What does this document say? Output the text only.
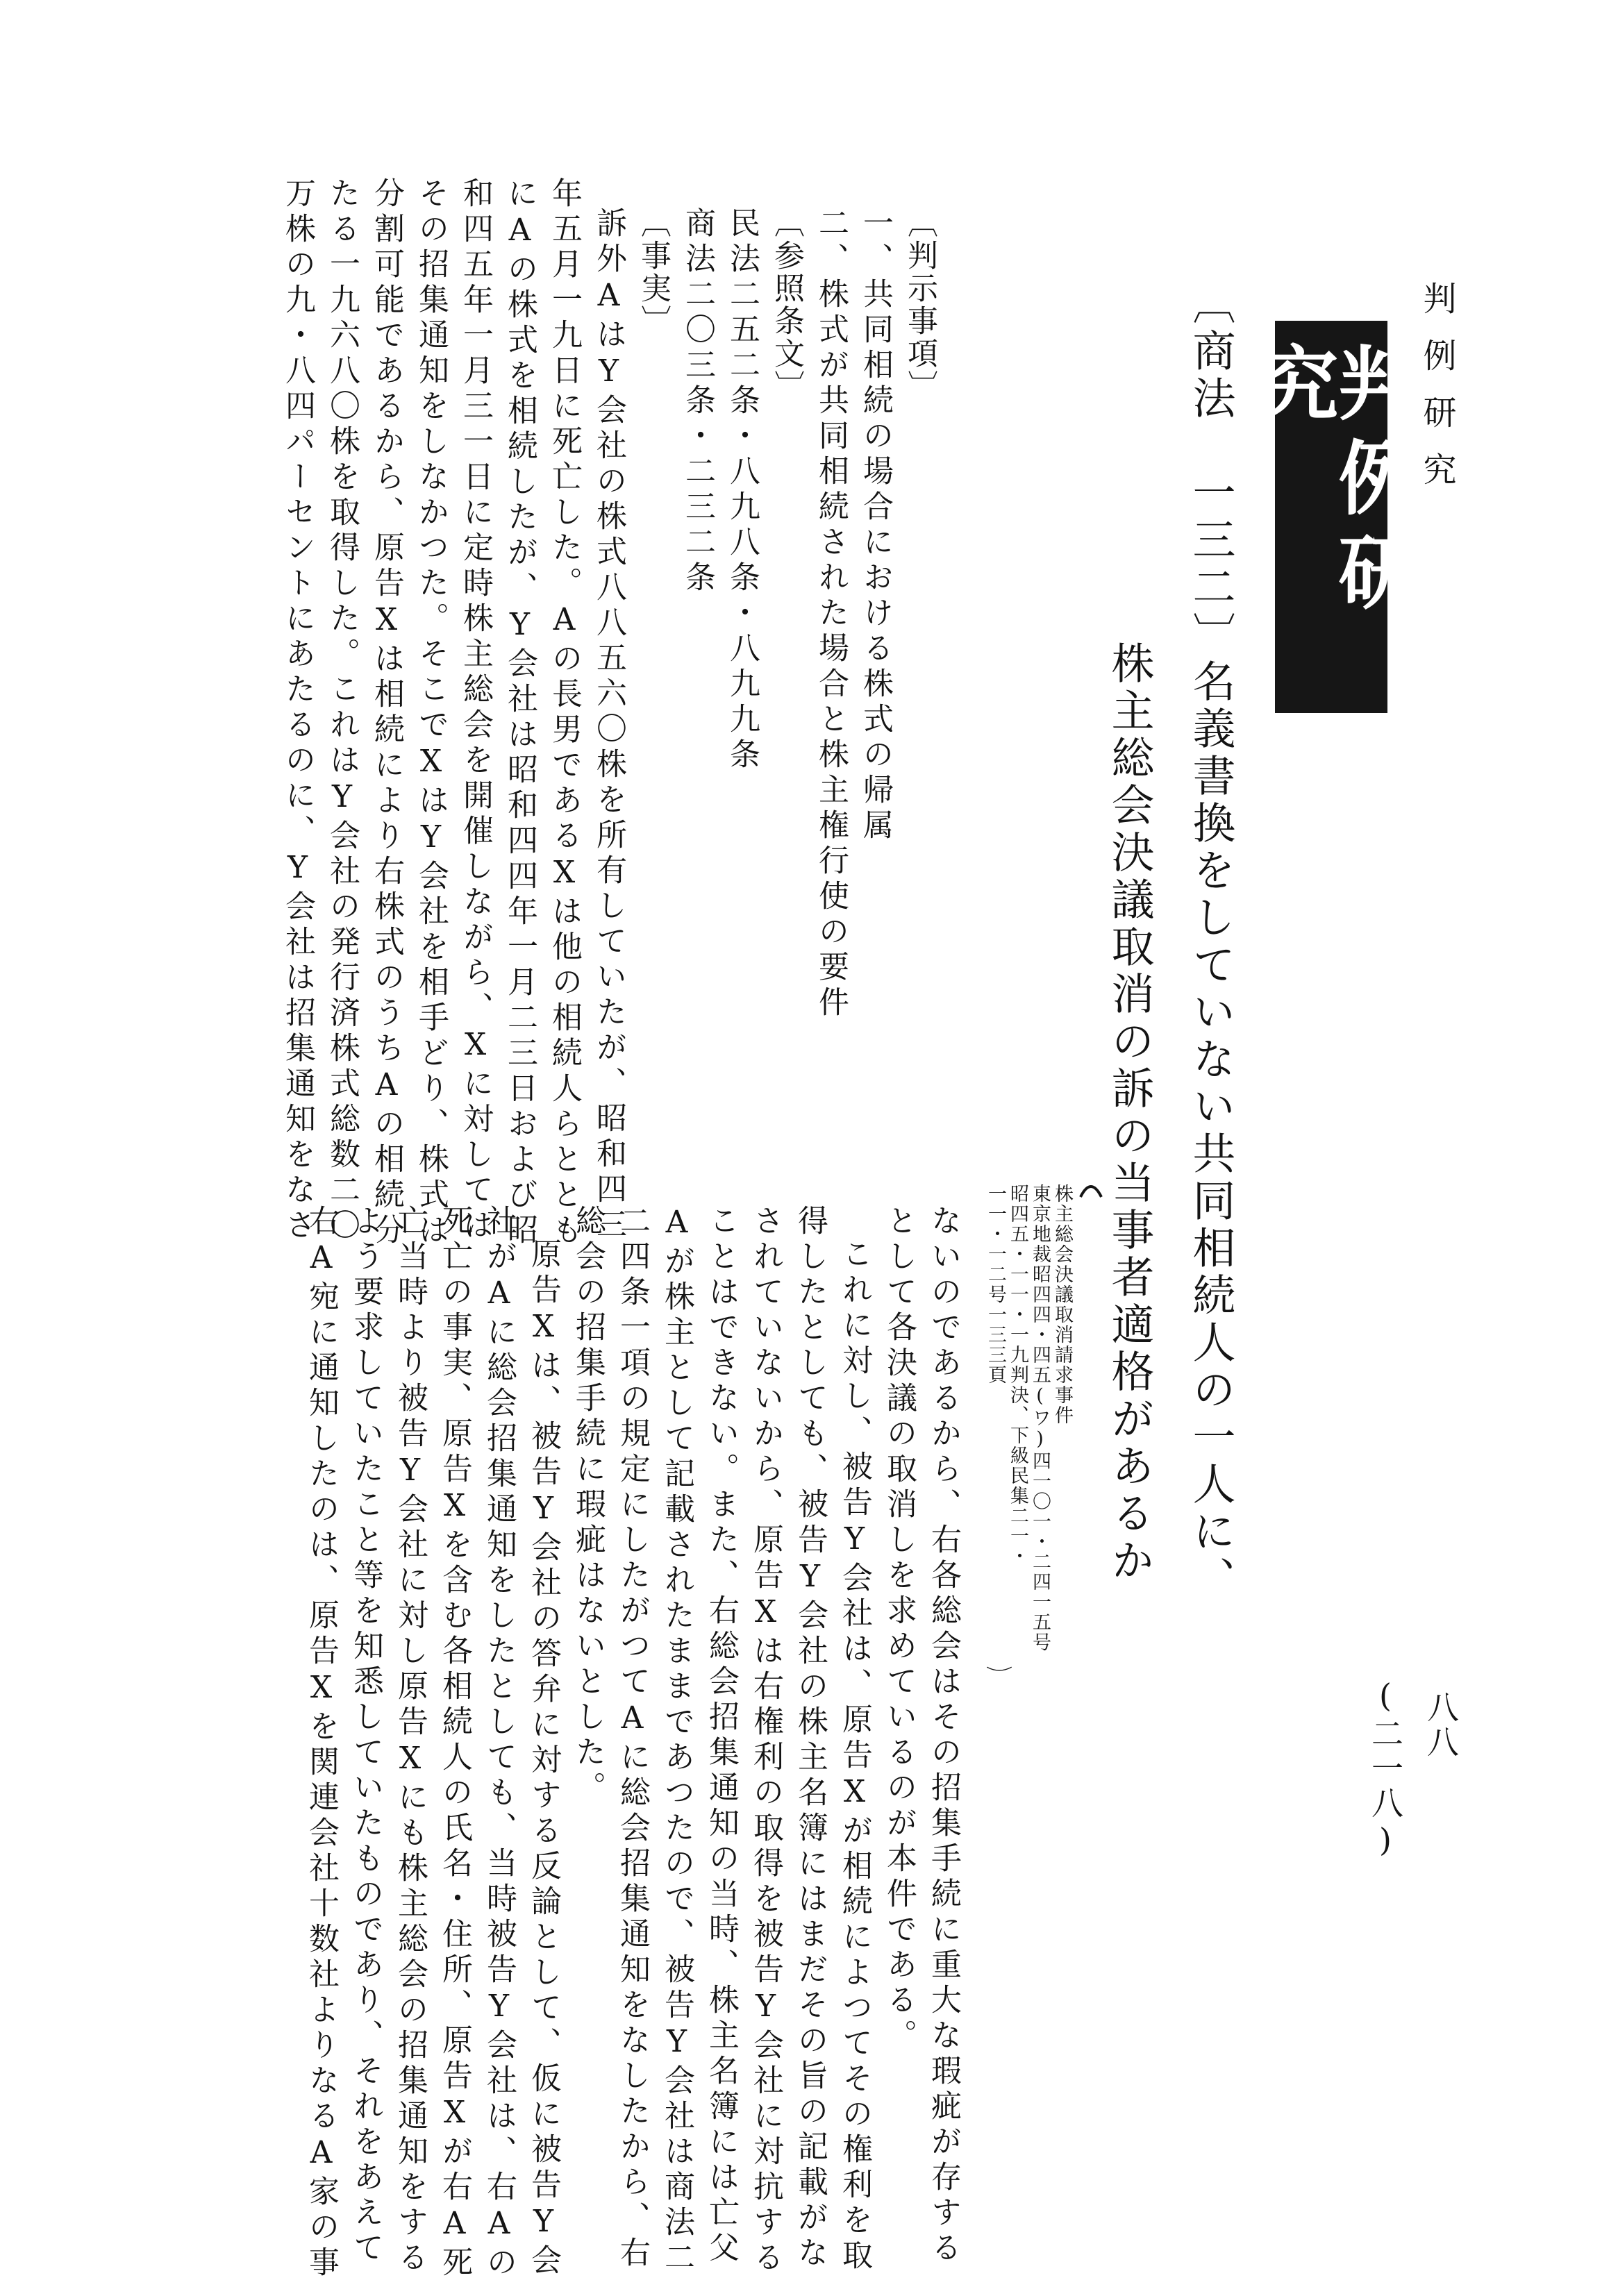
判例研究
判例研究
〔商法　一三二〕名義書換をしていない共同相続人の一人に、
株主総会決議取消の訴の当事者適格があるか
株主総会決議取消請求事件
東京地裁昭四四・四五(ワ)四一〇一・二四一五号
昭四五・一一・一九判決、下級民集二一・
一一・一二号一三三頁
〔判示事項〕
一、共同相続の場合における株式の帰属
二、株式が共同相続された場合と株主権行使の要件
〔参照条文〕
民法二五二条・八九八条・八九九条
商法二〇三条・二三二条
〔事実〕
訴外AはY会社の株式八八五六〇株を所有していたが、昭和四三
年五月一九日に死亡した。Aの長男であるXは他の相続人らととも
にAの株式を相続したが、Y会社は昭和四四年一月二三日および昭
和四五年一月三一日に定時株主総会を開催しながら、Xに対しては
その招集通知をしなかつた。そこでXはY会社を相手どり、株式は
分割可能であるから、原告Xは相続により右株式のうちAの相続分
たる一九六八〇株を取得した。これはY会社の発行済株式総数二〇
万株の九・八四パーセントにあたるのに、Y会社は招集通知をなさ
ないのであるから、右各総会はその招集手続に重大な瑕疵が存する
として各決議の取消しを求めているのが本件である。
これに対し、被告Y会社は、原告Xが相続によつてその権利を取
得したとしても、被告Y会社の株主名簿にはまだその旨の記載がな
されていないから、原告Xは右権利の取得を被告Y会社に対抗する
ことはできない。また、右総会招集通知の当時、株主名簿には亡父
Aが株主として記載されたままであつたので、被告Y会社は商法二
二四条一項の規定にしたがつてAに総会招集通知をなしたから、右
総会の招集手続に瑕疵はないとした。
原告Xは、被告Y会社の答弁に対する反論として、仮に被告Y会
社がAに総会招集通知をしたとしても、当時被告Y会社は、右Aの
死亡の事実、原告Xを含む各相続人の氏名・住所、原告Xが右A死
亡当時より被告Y会社に対し原告Xにも株主総会の招集通知をする
よう要求していたこと等を知悉していたものであり、それをあえて
右A宛に通知したのは、原告Xを関連会社十数社よりなるA家の事	八八
(二一八)
